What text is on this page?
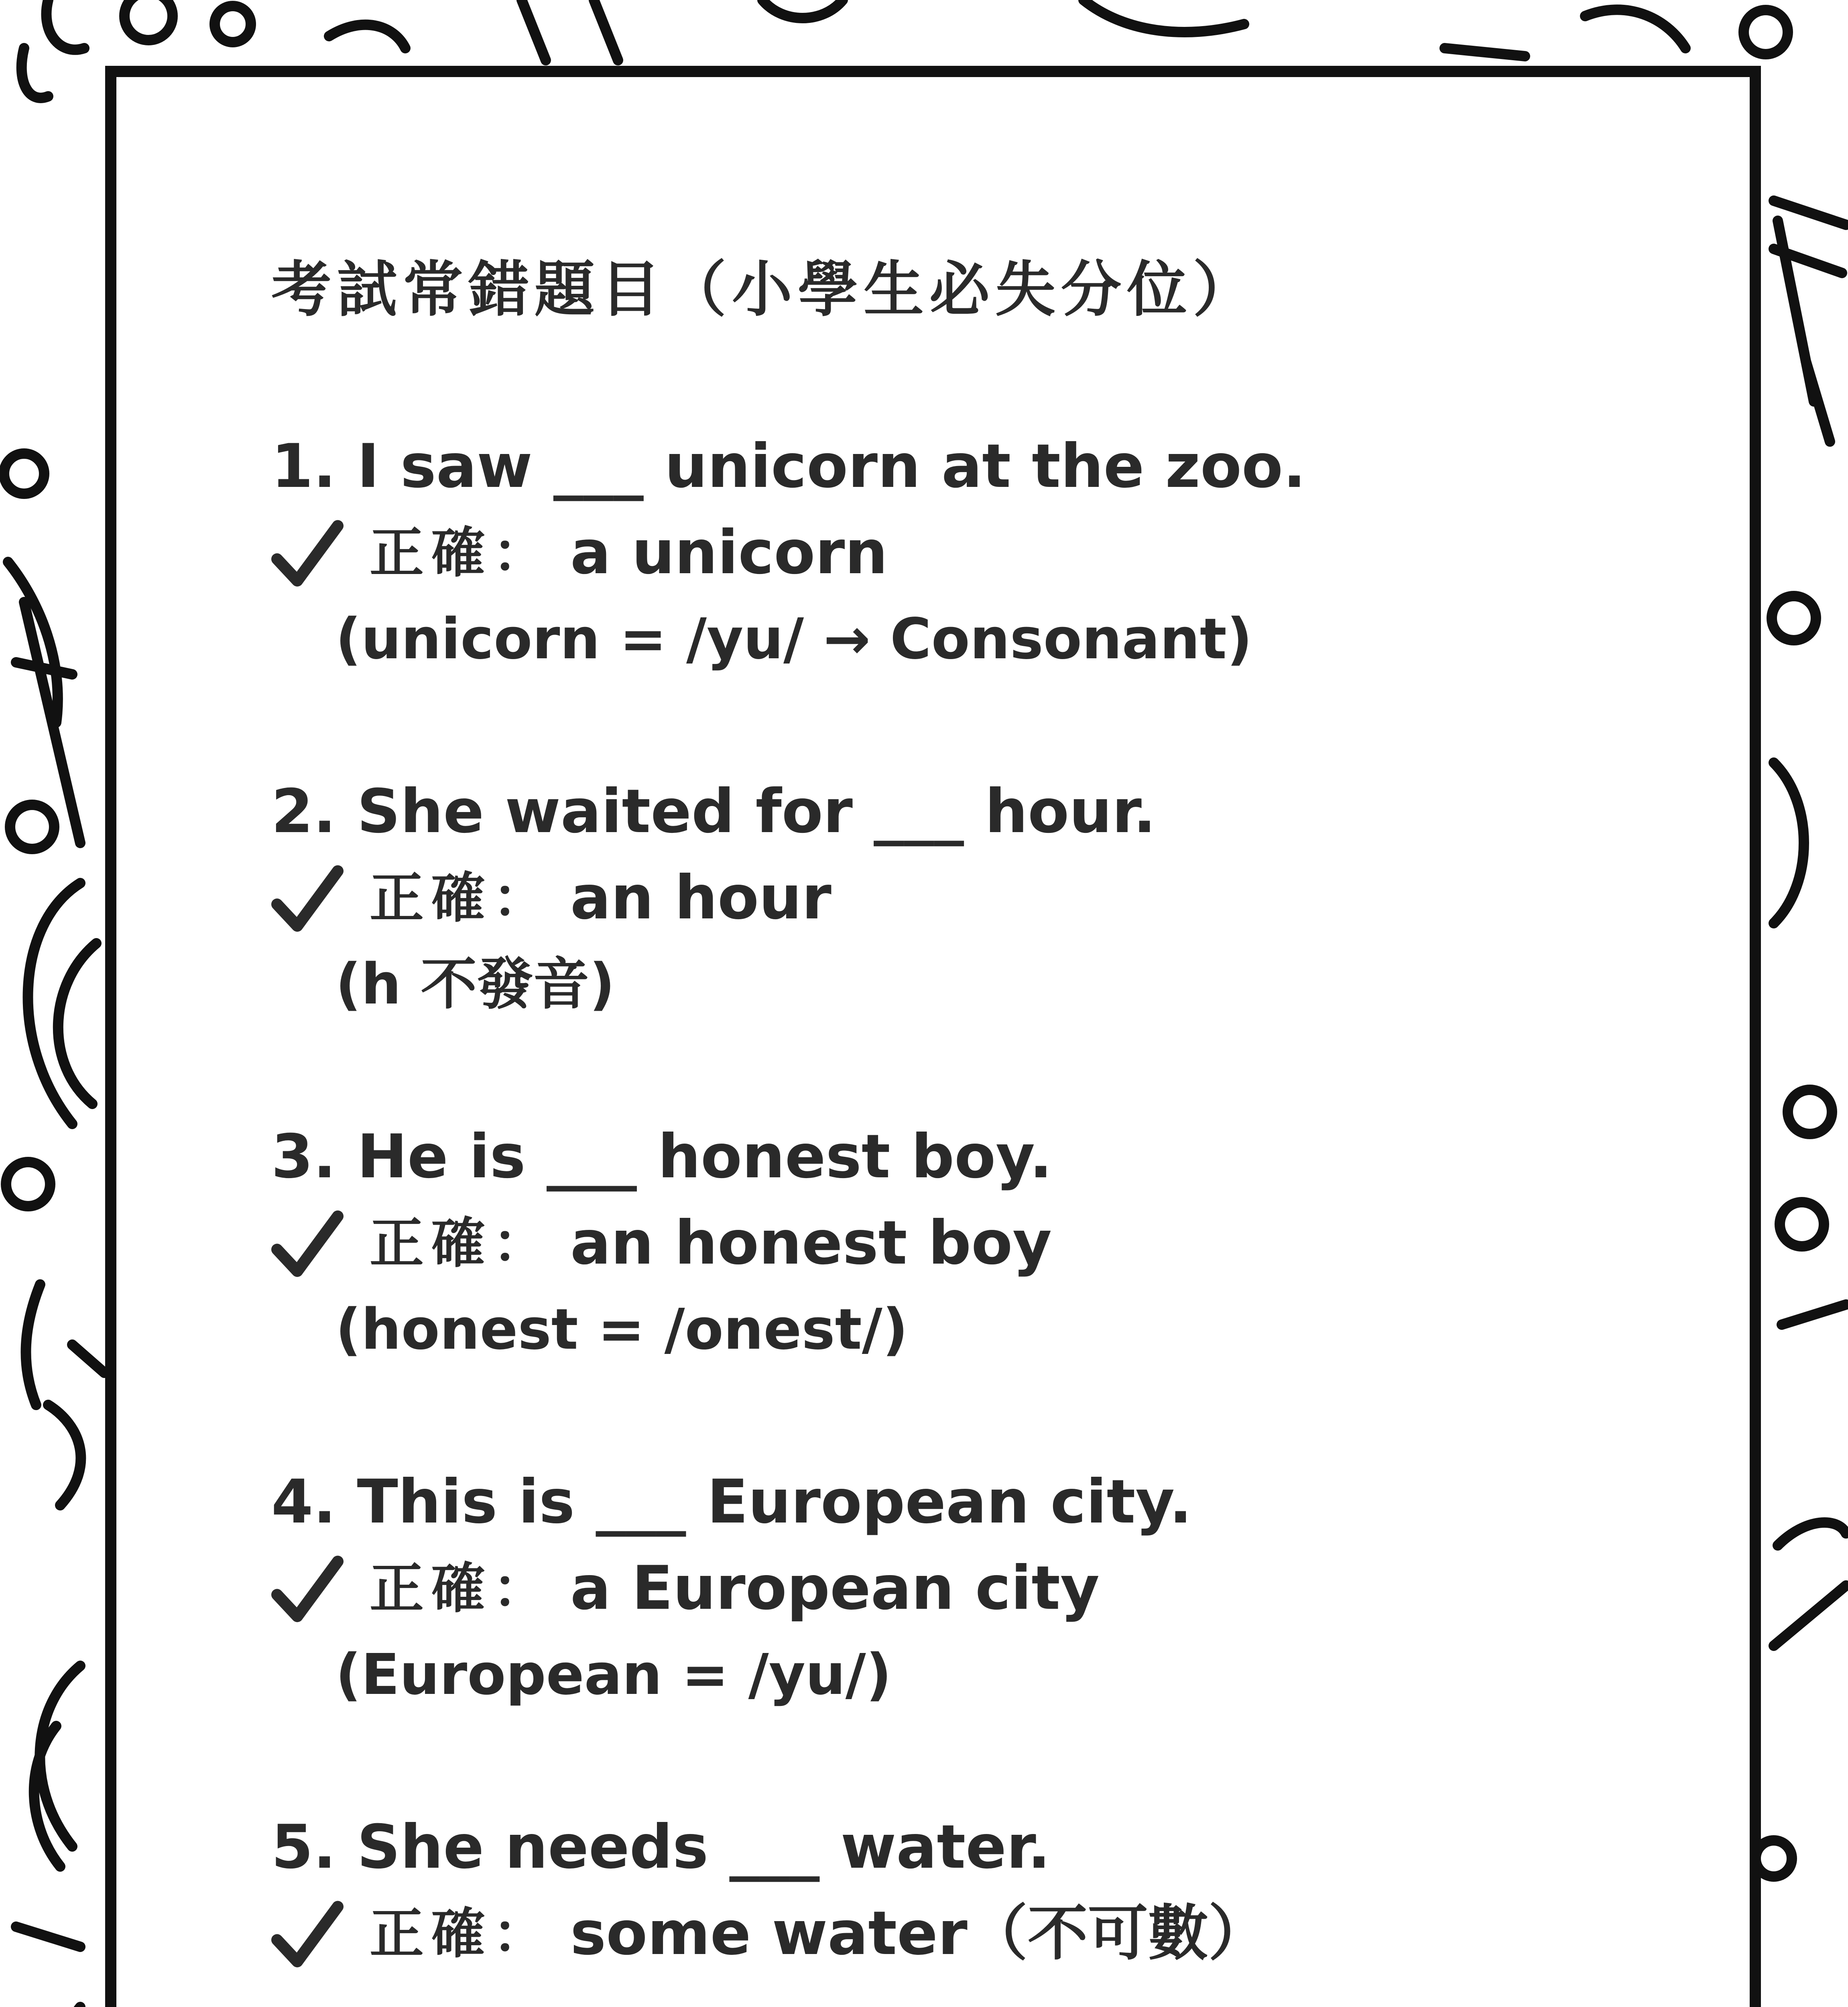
考試常錯題目（小學生必失分位）
1. I saw ___ unicorn at the zoo.
正確： a unicorn
(unicorn = /yu/ → Consonant)
2. She waited for ___ hour.
正確： an hour
(h 不發音)
3. He is ___ honest boy.
正確： an honest boy
(honest = /onest/)
4. This is ___ European city.
正確： a European city
(European = /yu/)
5. She needs ___ water.
正確： some water（不可數）
